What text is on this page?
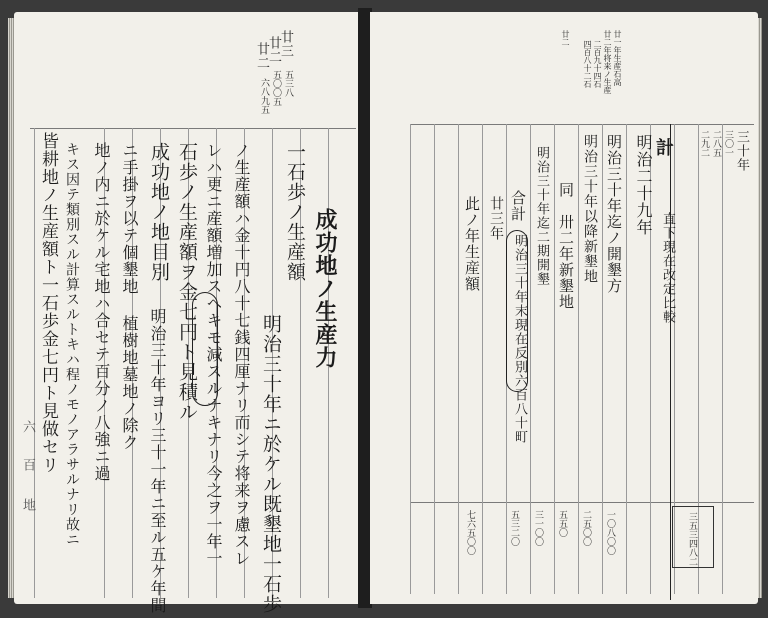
廿三
廿二
廿二
五三八
五〇〇五
六八九五
六
百
地
成功地ノ生産力
一石歩ノ生産額
明治三十年ニ於ケル既墾地一石歩
ノ生産額ハ金十円八十七銭四厘ナリ而シテ将来ヲ慮スレ
レハ更ニ産額増加スヘキモ減スルナキナリ今之ヲ一年一
石歩ノ生産額ヲ金七円ト見積ル
成功地ノ地目別
明治三十年ヨリ三十一年ニ至ル五ケ年間
ニ手掛ヲ以テ個墾地 植樹地墓地ノ除ク
地ノ内ニ於ケル宅地ハ合セテ百分ノ八強ニ過
キス因テ類別スル計算スルトキハ程ノモノアラサルナリ故ニ
皆耕地ノ生産額ト一石歩金七円ト見做セリ
廿一年生産石高
廿二年将来ノ生産
二百九十四石
四百八十二石
廿二
三〇一
二八五
二九二 三十年
明治二十九年
直下現在改定比較
計
明治三十年迄ノ開墾方
明治三十年以降新墾地
同　卅二年新墾地
明治三十年迄二期開墾
合計
明治三十年末現在反別六百八十町
廿三年
此ノ年生産額
五三二〇 三一〇〇 五五〇 二五〇〇 一〇八〇〇
七六五〇〇	三五三四八二
